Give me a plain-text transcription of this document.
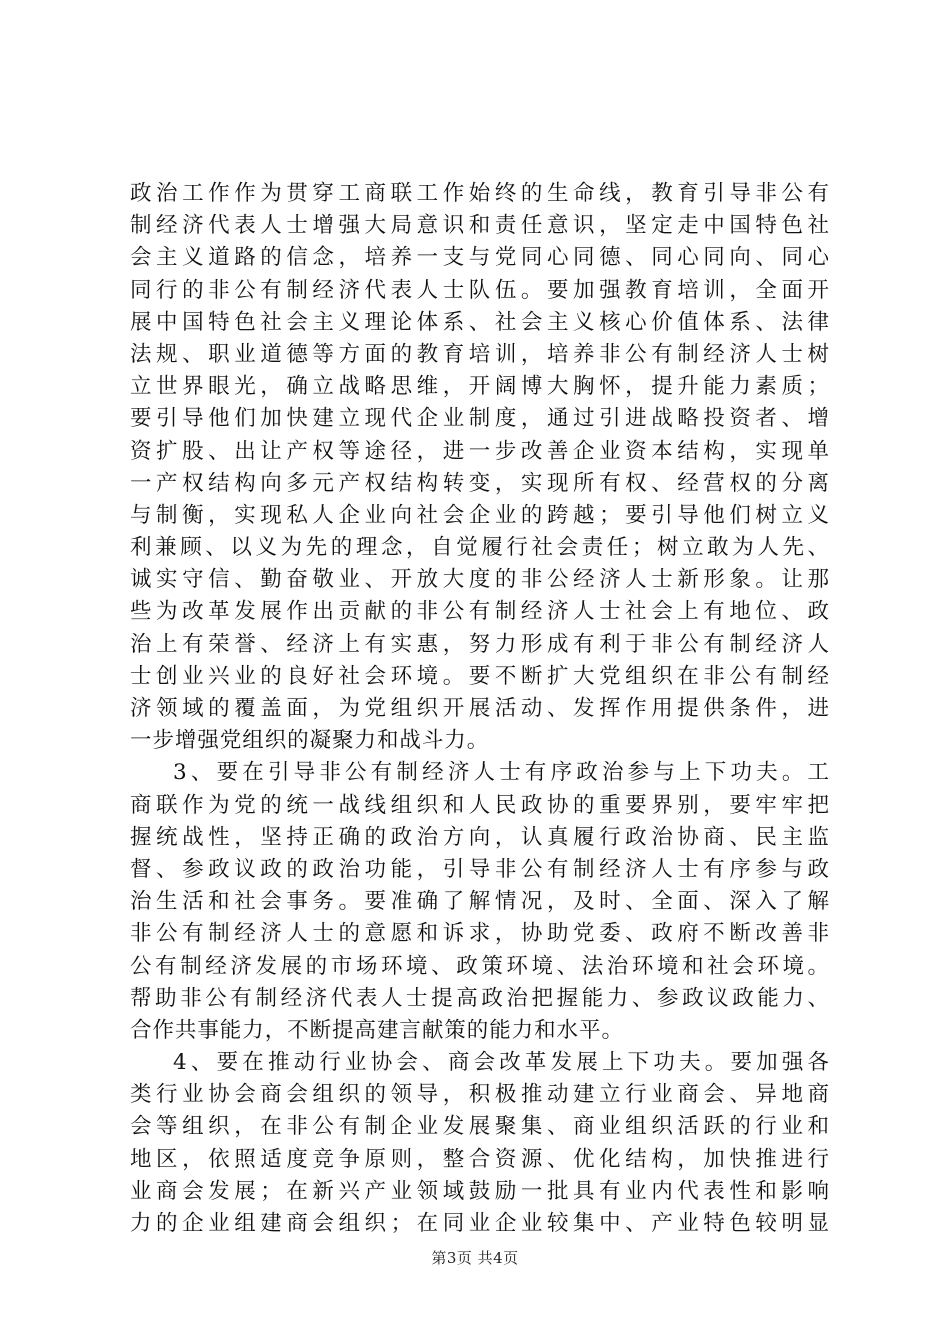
政治工作作为贯穿工商联工作始终的生命线，教育引导非公有
制经济代表人士增强大局意识和责任意识，坚定走中国特色社
会主义道路的信念，培养一支与党同心同德、同心同向、同心
同行的非公有制经济代表人士队伍。要加强教育培训，全面开
展中国特色社会主义理论体系、社会主义核心价值体系、法律
法规、职业道德等方面的教育培训，培养非公有制经济人士树
立世界眼光，确立战略思维，开阔博大胸怀，提升能力素质；
要引导他们加快建立现代企业制度，通过引进战略投资者、增
资扩股、出让产权等途径，进一步改善企业资本结构，实现单
一产权结构向多元产权结构转变，实现所有权、经营权的分离
与制衡，实现私人企业向社会企业的跨越；要引导他们树立义
利兼顾、以义为先的理念，自觉履行社会责任；树立敢为人先、
诚实守信、勤奋敬业、开放大度的非公经济人士新形象。让那
些为改革发展作出贡献的非公有制经济人士社会上有地位、政
治上有荣誉、经济上有实惠，努力形成有利于非公有制经济人
士创业兴业的良好社会环境。要不断扩大党组织在非公有制经
济领域的覆盖面，为党组织开展活动、发挥作用提供条件，进
一步增强党组织的凝聚力和战斗力。
3、要在引导非公有制经济人士有序政治参与上下功夫。工
商联作为党的统一战线组织和人民政协的重要界别，要牢牢把
握统战性，坚持正确的政治方向，认真履行政治协商、民主监
督、参政议政的政治功能，引导非公有制经济人士有序参与政
治生活和社会事务。要准确了解情况，及时、全面、深入了解
非公有制经济人士的意愿和诉求，协助党委、政府不断改善非
公有制经济发展的市场环境、政策环境、法治环境和社会环境。
帮助非公有制经济代表人士提高政治把握能力、参政议政能力、
合作共事能力，不断提高建言献策的能力和水平。
4、要在推动行业协会、商会改革发展上下功夫。要加强各
类行业协会商会组织的领导，积极推动建立行业商会、异地商
会等组织，在非公有制企业发展聚集、商业组织活跃的行业和
地区，依照适度竞争原则，整合资源、优化结构，加快推进行
业商会发展；在新兴产业领域鼓励一批具有业内代表性和影响
力的企业组建商会组织；在同业企业较集中、产业特色较明显
第3页 共4页
